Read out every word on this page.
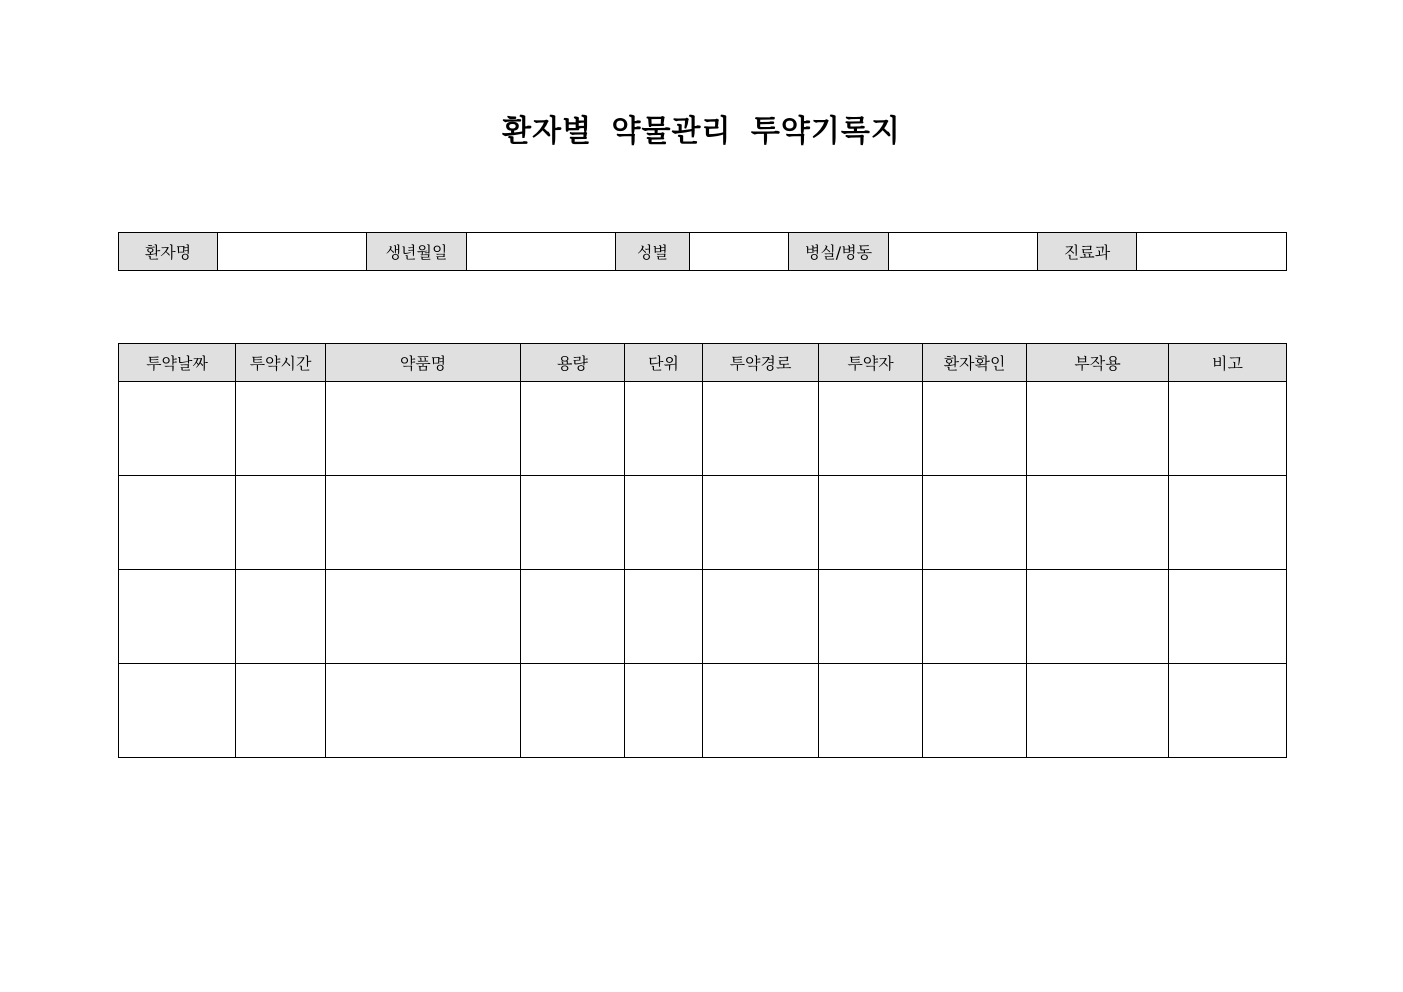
환자별 약물관리 투약기록지
환자명		생년월일		성별		병실/병동		진료과	
투약날짜	투약시간	약품명	용량	단위	투약경로	투약자	환자확인	부작용	비고
